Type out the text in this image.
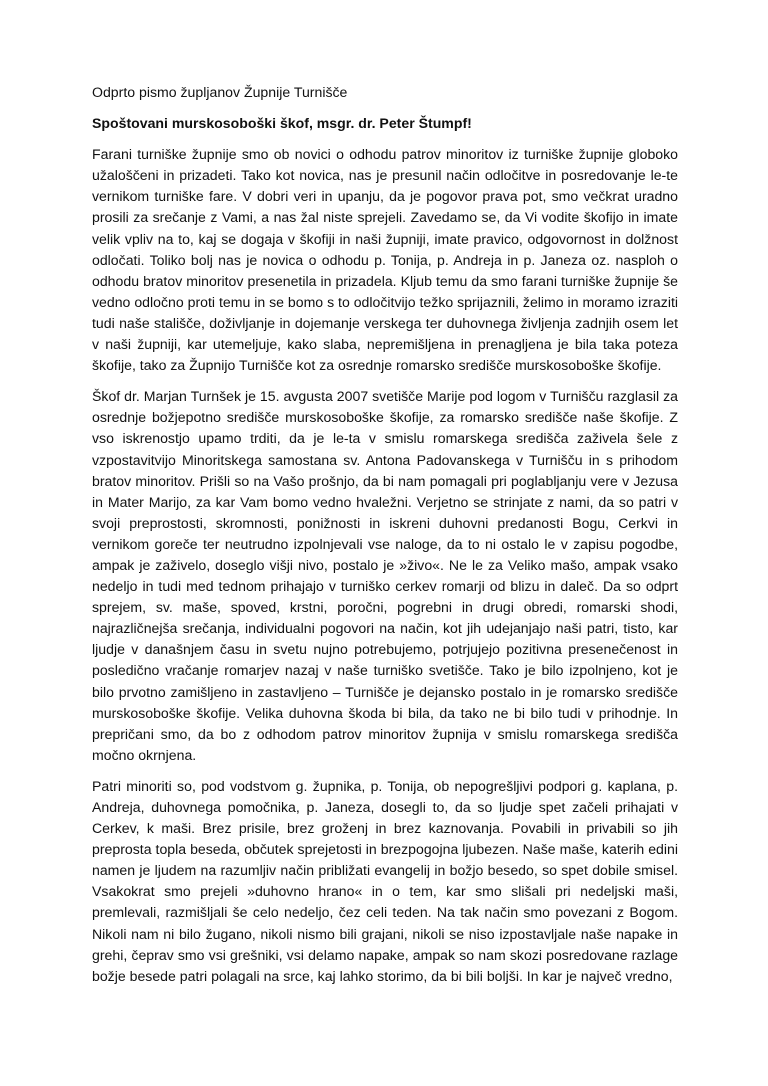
Odprto pismo župljanov Župnije Turnišče

Spoštovani murskosoboški škof, msgr. dr. Peter Štumpf!

Farani turniške župnije smo ob novici o odhodu patrov minoritov iz turniške župnije globoko užaloščeni in prizadeti. Tako kot novica, nas je presunil način odločitve in posredovanje le-te vernikom turniške fare. V dobri veri in upanju, da je pogovor prava pot, smo večkrat uradno prosili za srečanje z Vami, a nas žal niste sprejeli. Zavedamo se, da Vi vodite škofijo in imate velik vpliv na to, kaj se dogaja v škofiji in naši župniji, imate pravico, odgovornost in dolžnost odločati. Toliko bolj nas je novica o odhodu p. Tonija, p. Andreja in p. Janeza oz. nasploh o odhodu bratov minoritov presenetila in prizadela. Kljub temu da smo farani turniške župnije še vedno odločno proti temu in se bomo s to odločitvijo težko sprijaznili, želimo in moramo izraziti tudi naše stališče, doživljanje in dojemanje verskega ter duhovnega življenja zadnjih osem let v naši župniji, kar utemeljuje, kako slaba, nepremišljena in prenagljena je bila taka poteza škofije, tako za Župnijo Turnišče kot za osrednje romarsko središče murskosoboške škofije.

Škof dr. Marjan Turnšek je 15. avgusta 2007 svetišče Marije pod logom v Turnišču razglasil za osrednje božjepotno središče murskosoboške škofije, za romarsko središče naše škofije. Z vso iskrenostjo upamo trditi, da je le-ta v smislu romarskega središča zaživela šele z vzpostavitvijo Minoritskega samostana sv. Antona Padovanskega v Turnišču in s prihodom bratov minoritov. Prišli so na Vašo prošnjo, da bi nam pomagali pri poglabljanju vere v Jezusa in Mater Marijo, za kar Vam bomo vedno hvaležni. Verjetno se strinjate z nami, da so patri v svoji preprostosti, skromnosti, ponižnosti in iskreni duhovni predanosti Bogu, Cerkvi in vernikom goreče ter neutrudno izpolnjevali vse naloge, da to ni ostalo le v zapisu pogodbe, ampak je zaživelo, doseglo višji nivo, postalo je »živo«. Ne le za Veliko mašo, ampak vsako nedeljo in tudi med tednom prihajajo v turniško cerkev romarji od blizu in daleč. Da so odprt sprejem, sv. maše, spoved, krstni, poročni, pogrebni in drugi obredi, romarski shodi, najrazličnejša srečanja, individualni pogovori na način, kot jih udejanjajo naši patri, tisto, kar ljudje v današnjem času in svetu nujno potrebujemo, potrjujejo pozitivna presenečenost in posledično vračanje romarjev nazaj v naše turniško svetišče. Tako je bilo izpolnjeno, kot je bilo prvotno zamišljeno in zastavljeno – Turnišče je dejansko postalo in je romarsko središče murskosoboške škofije. Velika duhovna škoda bi bila, da tako ne bi bilo tudi v prihodnje. In prepričani smo, da bo z odhodom patrov minoritov župnija v smislu romarskega središča močno okrnjena.

Patri minoriti so, pod vodstvom g. župnika, p. Tonija, ob nepogrešljivi podpori g. kaplana, p. Andreja, duhovnega pomočnika, p. Janeza, dosegli to, da so ljudje spet začeli prihajati v Cerkev, k maši. Brez prisile, brez groženj in brez kaznovanja. Povabili in privabili so jih preprosta topla beseda, občutek sprejetosti in brezpogojna ljubezen. Naše maše, katerih edini namen je ljudem na razumljiv način približati evangelij in božjo besedo, so spet dobile smisel. Vsakokrat smo prejeli »duhovno hrano« in o tem, kar smo slišali pri nedeljski maši, premlevali, razmišljali še celo nedeljo, čez celi teden. Na tak način smo povezani z Bogom. Nikoli nam ni bilo žugano, nikoli nismo bili grajani, nikoli se niso izpostavljale naše napake in grehi, čeprav smo vsi grešniki, vsi delamo napake, ampak so nam skozi posredovane razlage božje besede patri polagali na srce, kaj lahko storimo, da bi bili boljši. In kar je največ vredno,
